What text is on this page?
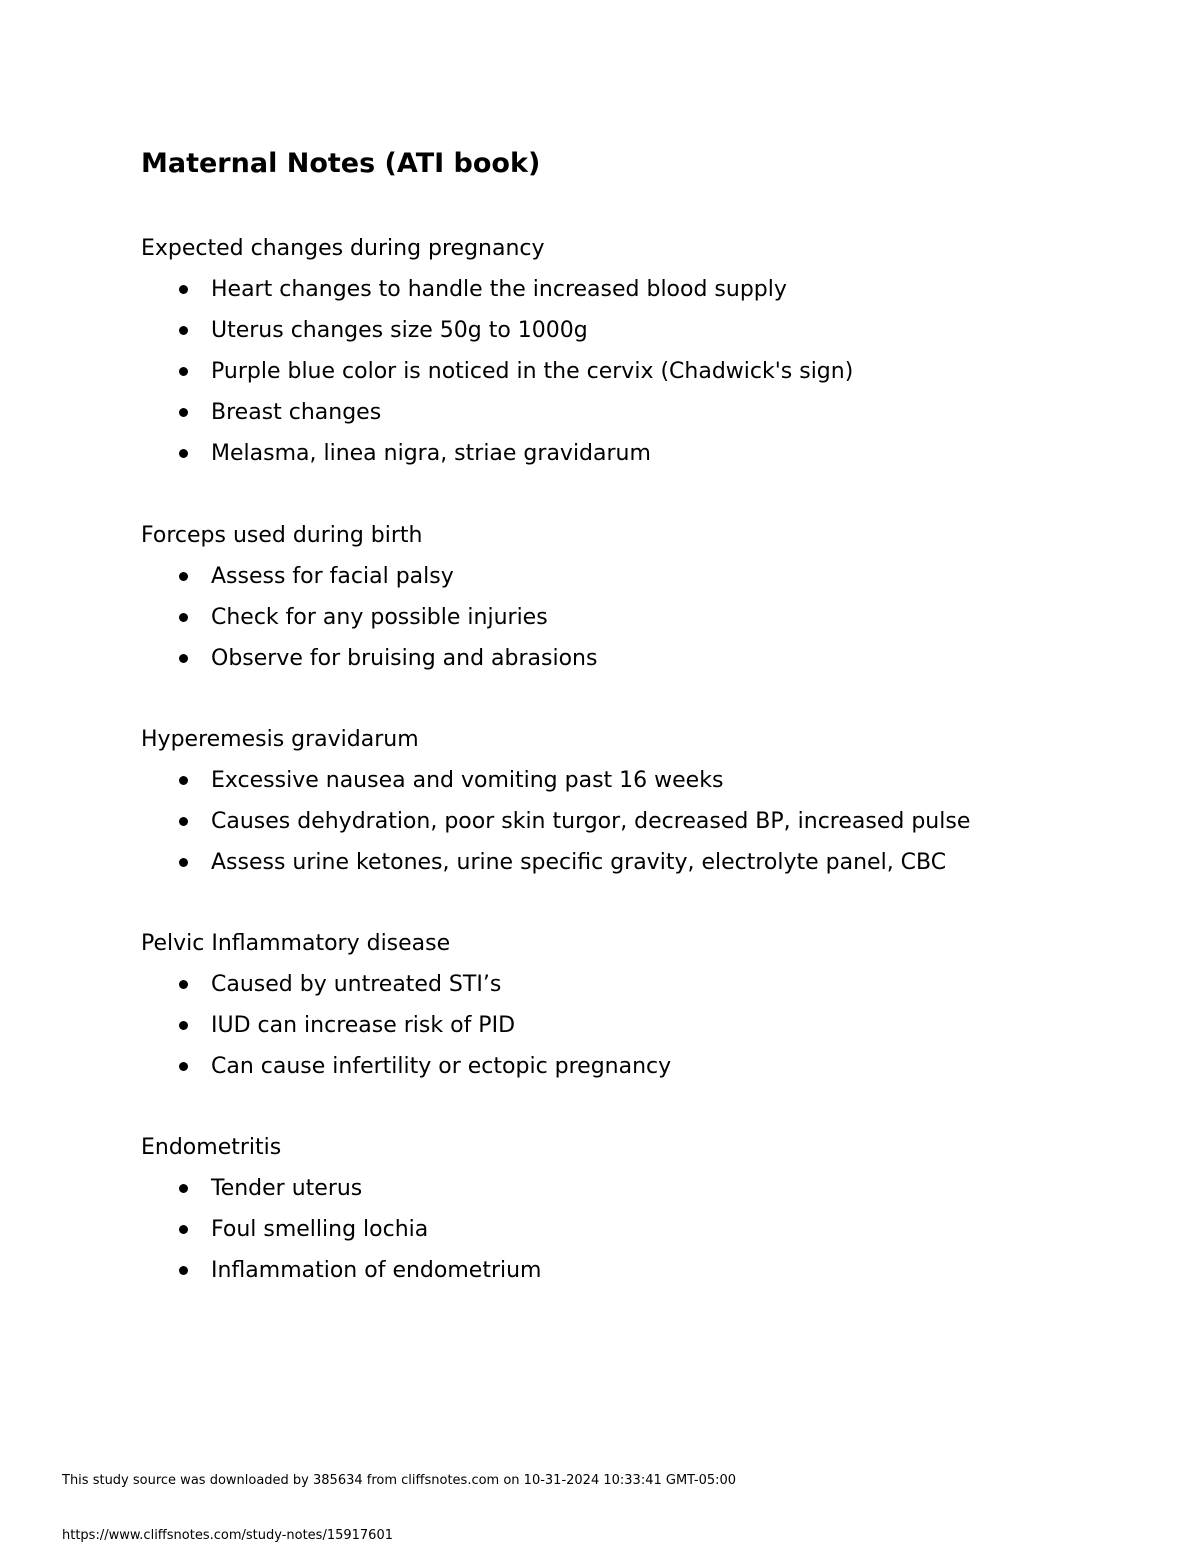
Maternal Notes (ATI book)
Expected changes during pregnancy
Heart changes to handle the increased blood supply
Uterus changes size 50g to 1000g
Purple blue color is noticed in the cervix (Chadwick's sign)
Breast changes
Melasma, linea nigra, striae gravidarum
Forceps used during birth
Assess for facial palsy
Check for any possible injuries
Observe for bruising and abrasions
Hyperemesis gravidarum
Excessive nausea and vomiting past 16 weeks
Causes dehydration, poor skin turgor, decreased BP, increased pulse
Assess urine ketones, urine specific gravity, electrolyte panel, CBC
Pelvic Inflammatory disease
Caused by untreated STI’s
IUD can increase risk of PID
Can cause infertility or ectopic pregnancy
Endometritis
Tender uterus
Foul smelling lochia
Inflammation of endometrium
This study source was downloaded by 385634 from cliffsnotes.com on 10-31-2024 10:33:41 GMT-05:00
https://www.cliffsnotes.com/study-notes/15917601
